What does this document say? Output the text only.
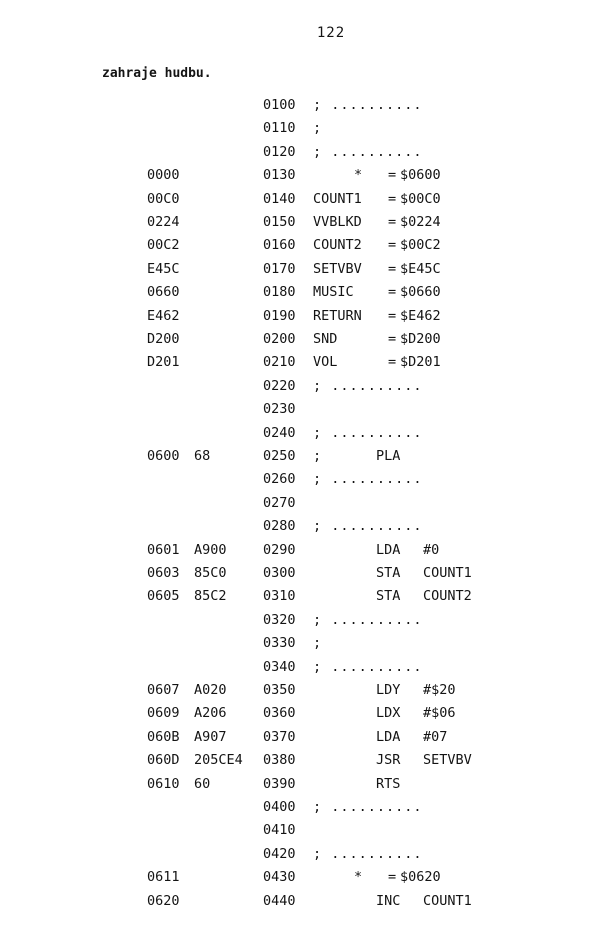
122
zahraje hudbu.
0100 ; ..........
0110 ;
0120 ; ..........
0000	0130	* = $0600
00C0	0140 COUNT1 = $00C0
0224	0150 VVBLKD = $0224
00C2	0160 COUNT2 = $00C2
E45C	0170 SETVBV = $E45C
0660	0180 MUSIC	= $0660
E462	0190 RETURN = $E462
D200	0200 SND	= $D200
D201	0210 VOL	= $D201
0220 ; ..........
0230
0240 ; ..........
0600 68	0250 ;	PLA
0260 ; ..........
0270
0280 ; ..........
0601 A900	0290	LDA #0
0603 85C0	0300	STA COUNT1
0605 85C2	0310	STA COUNT2
0320 ; ..........
0330 ;
0340 ; ..........
0607 A020	0350	LDY #$20
0609 A206	0360	LDX #$06
060B A907	0370	LDA #07
060D 205CE4 0380	JSR SETVBV
0610 60	0390	RTS
0400 ; ..........
0410
0420 ; ..........
0611	0430	* = $0620
0620	0440	INC COUNT1
